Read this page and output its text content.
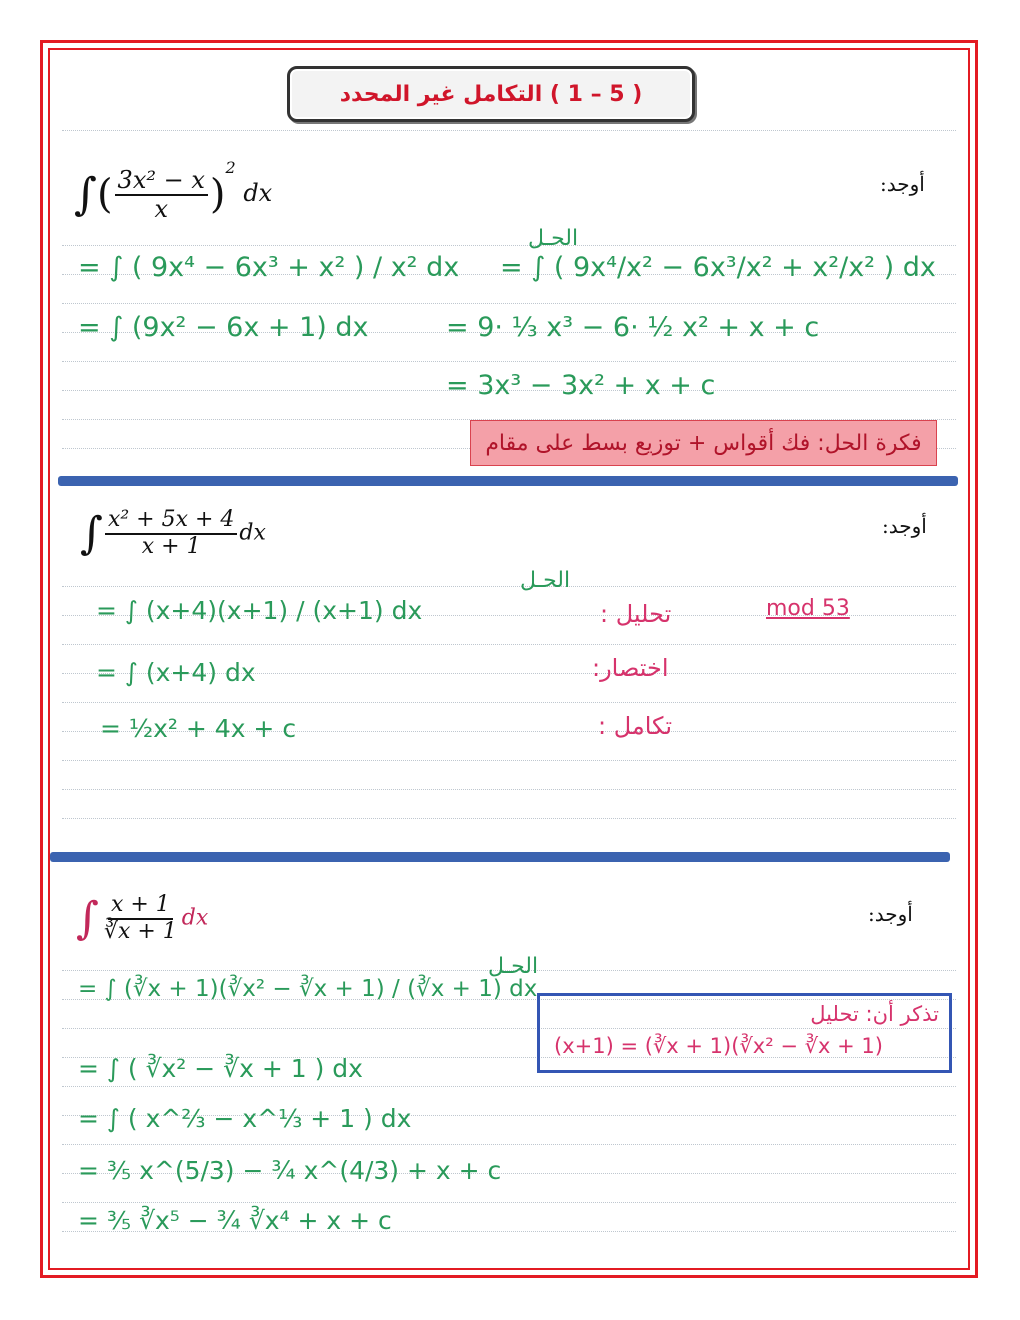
( 5 – 1 ) التكامل غير المحدد
أوجد:
∫( $\frac{\text{3x² − x}}{x} )^2$ dx
الحـل
= ∫ ( 9x⁴ − 6x³ + x² ) / x² dx = ∫ ( 9x⁴/x² − 6x³/x² + x²/x² ) dx
= ∫ (9x² − 6x + 1) dx	= 9· ⅓ x³ − 6· ½ x² + x + c
= 3x³ − 3x² + x + c
فكرة الحل: فك أقواس + توزيع بسط على مقام
أوجد:
∫ $\frac{\text{x² + 5x + 4}}{x + 1}$ dx
الحـل
mod 53
= ∫ (x+4)(x+1) / (x+1) dx
= ∫ (x+4) dx
= ½x² + 4x + c
تحليل :
اختصار:
تكامل :
أوجد:
∫ $\frac{x + 1}{∛x + 1}$ dx
الحـل
= ∫ (∛x + 1)(∛x² − ∛x + 1) / (∛x + 1) dx
= ∫ ( ∛x² − ∛x + 1 ) dx
= ∫ ( x^⅔ − x^⅓ + 1 ) dx
= ⅗ x^(5/3) − ¾ x^(4/3) + x + c
= ⅗ ∛x⁵ − ¾ ∛x⁴ + x + c
تذكر أن: تحليل
(x+1) = (∛x + 1)(∛x² − ∛x + 1)
